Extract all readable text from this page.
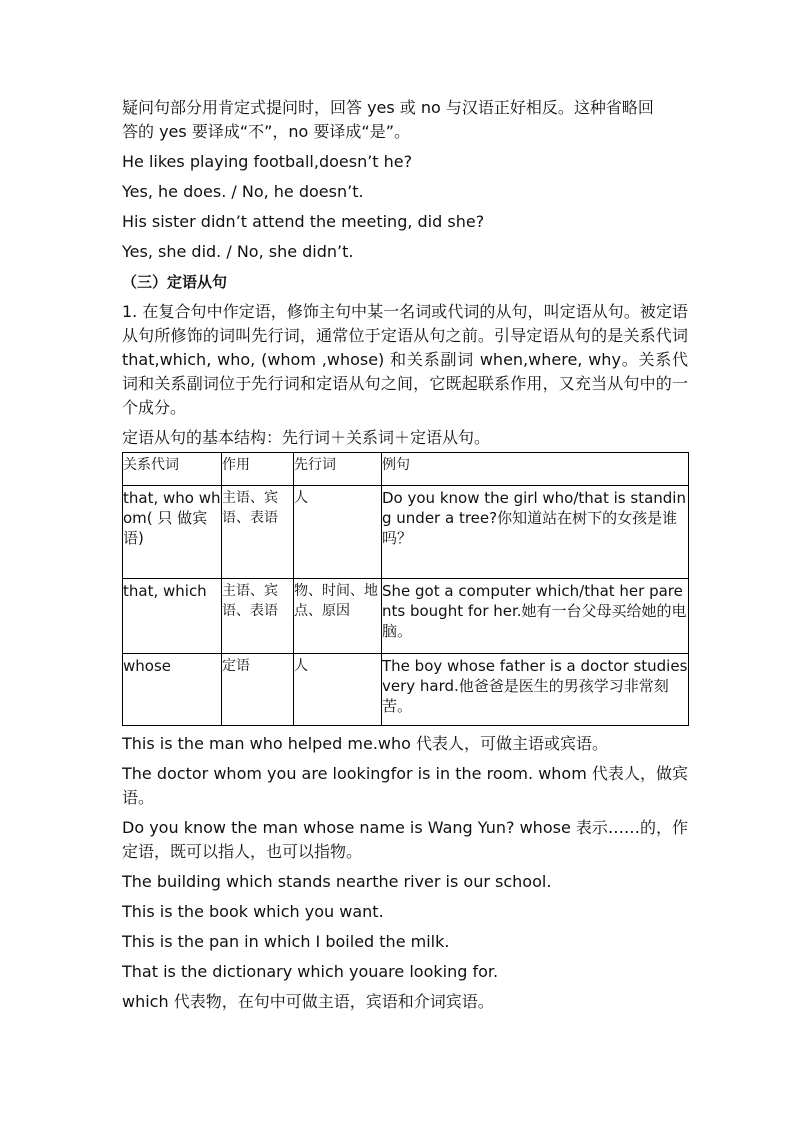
疑问句部分用肯定式提问时，回答 yes 或 no 与汉语正好相反。这种省略回
答的 yes 要译成“不”，no 要译成“是”。

He likes playing football,doesn’t he?

Yes, he does. / No, he doesn’t.

His sister didn’t attend the meeting, did she?

Yes, she did. / No, she didn’t.

（三）定语从句

1. 在复合句中作定语，修饰主句中某一名词或代词的从句，叫定语从句。被定语从句所修饰的词叫先行词，通常位于定语从句之前。引导定语从句的是关系代词 that,which, who, (whom ,whose) 和关系副词 when,where, why。关系代词和关系副词位于先行词和定语从句之间，它既起联系作用，又充当从句中的一个成分。

定语从句的基本结构：先行词＋关系词＋定语从句。

关系代词	作用	先行词	例句
that, who whom( 只 做宾语)	主语、宾语、表语	人	Do you know the girl who/that is standing under a tree?你知道站在树下的女孩是谁吗？
that, which	主语、宾语、表语	物、时间、地点、原因	She got a computer which/that her parents bought for her.她有一台父母买给她的电脑。
whose	定语	人	The boy whose father is a doctor studies very hard.他爸爸是医生的男孩学习非常刻苦。

This is the man who helped me.who 代表人，可做主语或宾语。

The doctor whom you are lookingfor is in the room. whom 代表人，做宾语。

Do you know the man whose name is Wang Yun? whose 表示……的，作定语，既可以指人，也可以指物。

The building which stands nearthe river is our school.

This is the book which you want.

This is the pan in which I boiled the milk.

That is the dictionary which youare looking for.

which 代表物，在句中可做主语，宾语和介词宾语。
